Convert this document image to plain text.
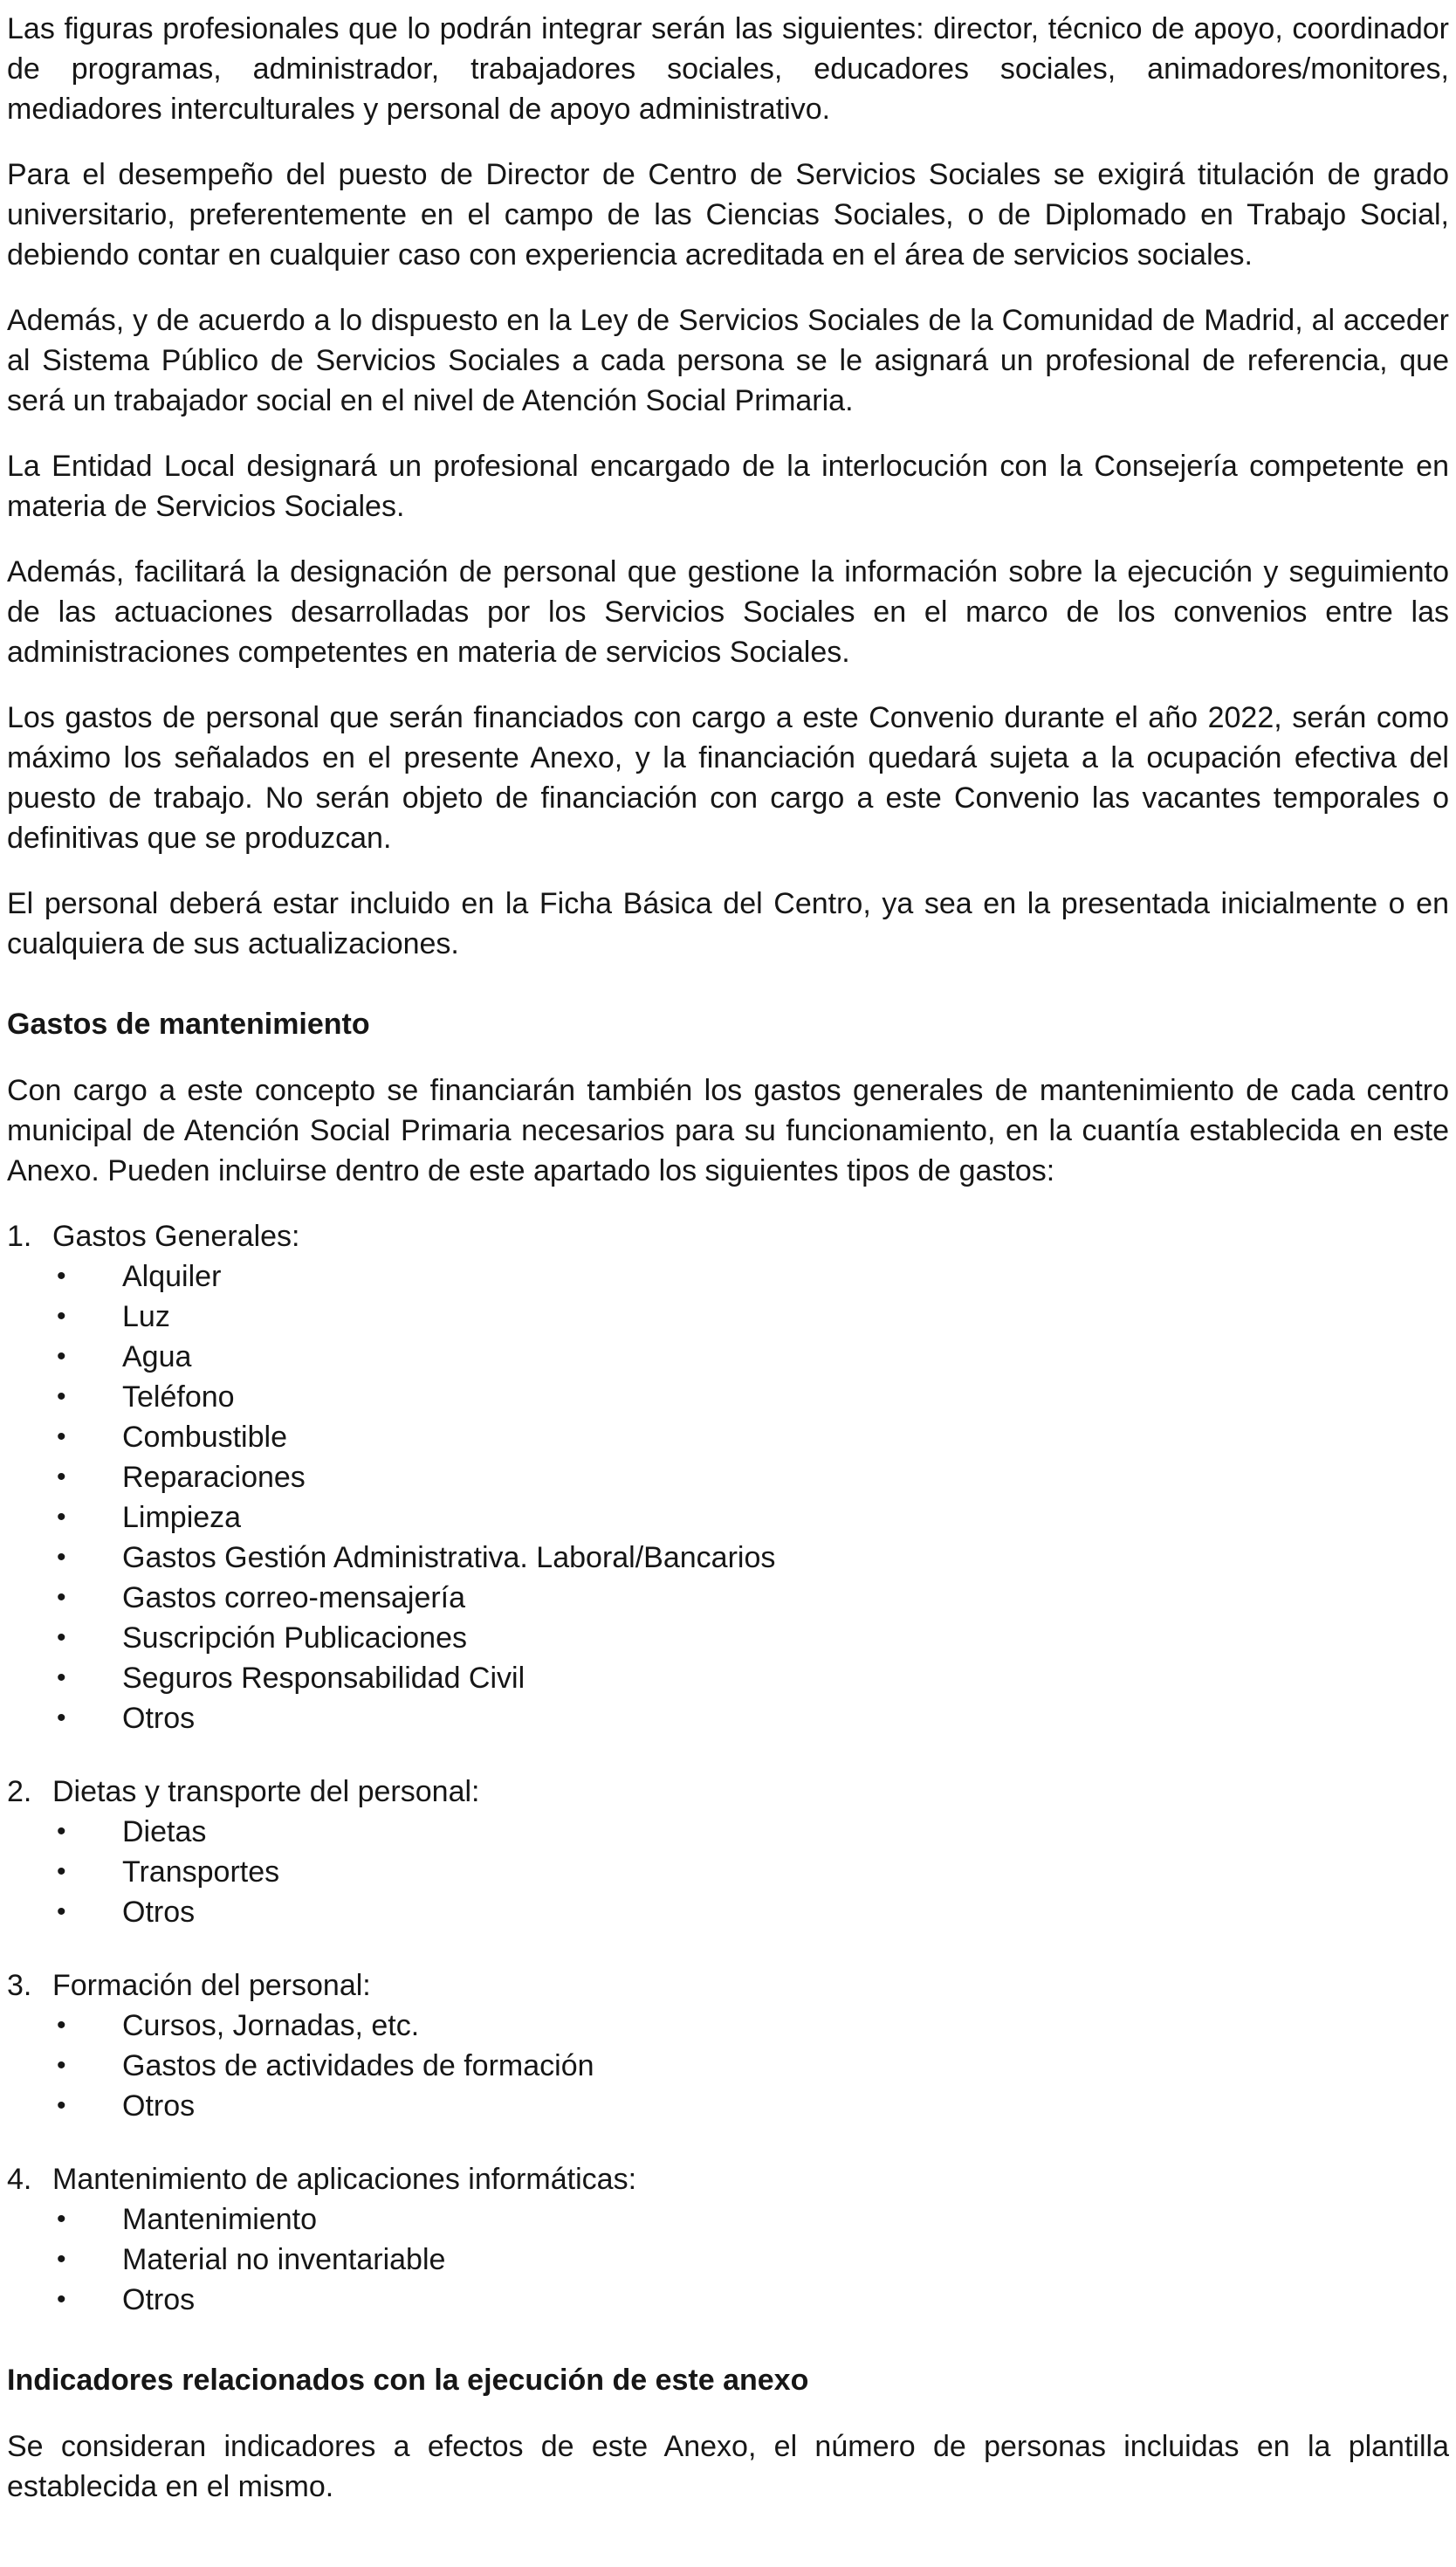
Las figuras profesionales que lo podrán integrar serán las siguientes: director, técnico de apoyo, coordinador de programas, administrador, trabajadores sociales, educadores sociales, animadores/monitores, mediadores interculturales y personal de apoyo administrativo.

Para el desempeño del puesto de Director de Centro de Servicios Sociales se exigirá titulación de grado universitario, preferentemente en el campo de las Ciencias Sociales, o de Diplomado en Trabajo Social, debiendo contar en cualquier caso con experiencia acreditada en el área de servicios sociales.

Además, y de acuerdo a lo dispuesto en la Ley de Servicios Sociales de la Comunidad de Madrid, al acceder al Sistema Público de Servicios Sociales a cada persona se le asignará un profesional de referencia, que será un trabajador social en el nivel de Atención Social Primaria.

La Entidad Local designará un profesional encargado de la interlocución con la Consejería competente en materia de Servicios Sociales.

Además, facilitará la designación de personal que gestione la información sobre la ejecución y seguimiento de las actuaciones desarrolladas por los Servicios Sociales en el marco de los convenios entre las administraciones competentes en materia de servicios Sociales.

Los gastos de personal que serán financiados con cargo a este Convenio durante el año 2022, serán como máximo los señalados en el presente Anexo, y la financiación quedará sujeta a la ocupación efectiva del puesto de trabajo. No serán objeto de financiación con cargo a este Convenio las vacantes temporales o definitivas que se produzcan.

El personal deberá estar incluido en la Ficha Básica del Centro, ya sea en la presentada inicialmente o en cualquiera de sus actualizaciones.

Gastos de mantenimiento

Con cargo a este concepto se financiarán también los gastos generales de mantenimiento de cada centro municipal de Atención Social Primaria necesarios para su funcionamiento, en la cuantía establecida en este Anexo. Pueden incluirse dentro de este apartado los siguientes tipos de gastos:

1. Gastos Generales:
•	Alquiler
•	Luz
•	Agua
•	Teléfono
•	Combustible
•	Reparaciones
•	Limpieza
•	Gastos Gestión Administrativa. Laboral/Bancarios
•	Gastos correo-mensajería
•	Suscripción Publicaciones
•	Seguros Responsabilidad Civil
•	Otros
2. Dietas y transporte del personal:
•	Dietas
•	Transportes
•	Otros
3. Formación del personal:
•	Cursos, Jornadas, etc.
•	Gastos de actividades de formación
•	Otros
4. Mantenimiento de aplicaciones informáticas:
•	Mantenimiento
•	Material no inventariable
•	Otros
Indicadores relacionados con la ejecución de este anexo

Se consideran indicadores a efectos de este Anexo, el número de personas incluidas en la plantilla establecida en el mismo.
